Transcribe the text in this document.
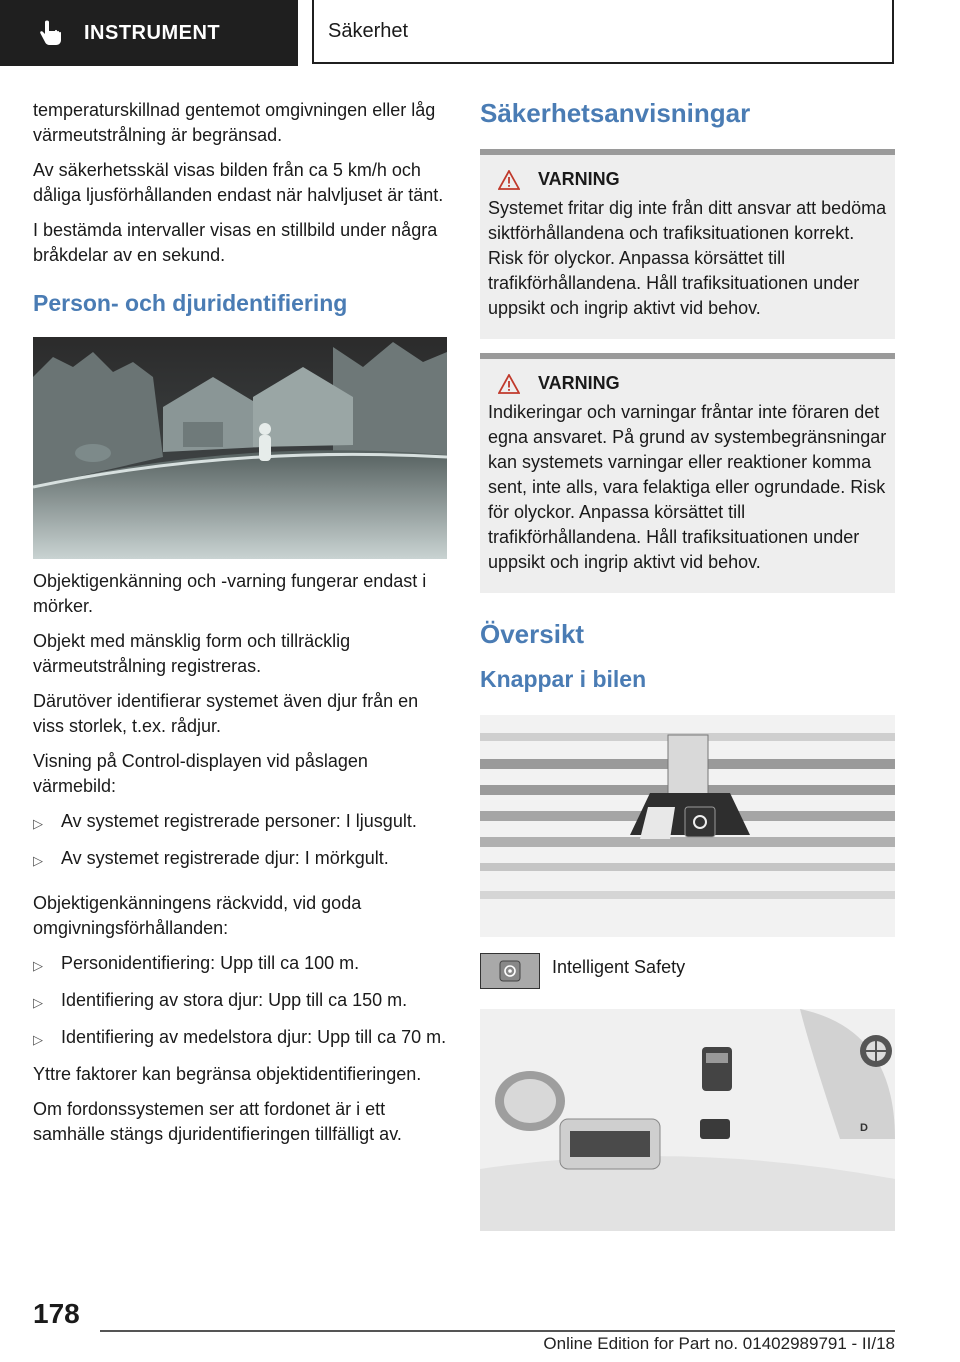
INSTRUMENT	Säkerhet

temperaturskillnad gentemot omgivningen eller låg värmeutstrålning är begränsad.

Av säkerhetsskäl visas bilden från ca 5 km/h och dåliga ljusförhållanden endast när halvljuset är tänt.

I bestämda intervaller visas en stillbild under några bråkdelar av en sekund.

Person- och djuridentifiering

Objektigenkänning och -varning fungerar endast i mörker.

Objekt med mänsklig form och tillräcklig värmeutstrålning registreras.

Därutöver identifierar systemet även djur från en viss storlek, t.ex. rådjur.

Visning på Control-displayen vid påslagen värmebild:

▷	Av systemet registrerade personer: I ljusgult.
▷	Av systemet registrerade djur: I mörkgult.

Objektigenkänningens räckvidd, vid goda omgivningsförhållanden:

▷	Personidentifiering: Upp till ca 100 m.
▷	Identifiering av stora djur: Upp till ca 150 m.
▷	Identifiering av medelstora djur: Upp till ca 70 m.

Yttre faktorer kan begränsa objektidentifieringen.

Om fordonssystemen ser att fordonet är i ett samhälle stängs djuridentifieringen tillfälligt av.

Säkerhetsanvisningar
VARNING

Systemet fritar dig inte från ditt ansvar att bedöma siktförhållandena och trafiksituationen korrekt. Risk för olyckor. Anpassa körsättet till trafikförhållandena. Håll trafiksituationen under uppsikt och ingrip aktivt vid behov.

VARNING

Indikeringar och varningar fråntar inte föraren det egna ansvaret. På grund av systembegränsningar kan systemets varningar eller reaktioner komma sent, inte alls, vara felaktiga eller ogrundade. Risk för olyckor. Anpassa körsättet till trafikförhållandena. Håll trafiksituationen under uppsikt och ingrip aktivt vid behov.

Översikt
Knappar i bilen
Intelligent Safety
D
178
Online Edition for Part no. 01402989791 - II/18
